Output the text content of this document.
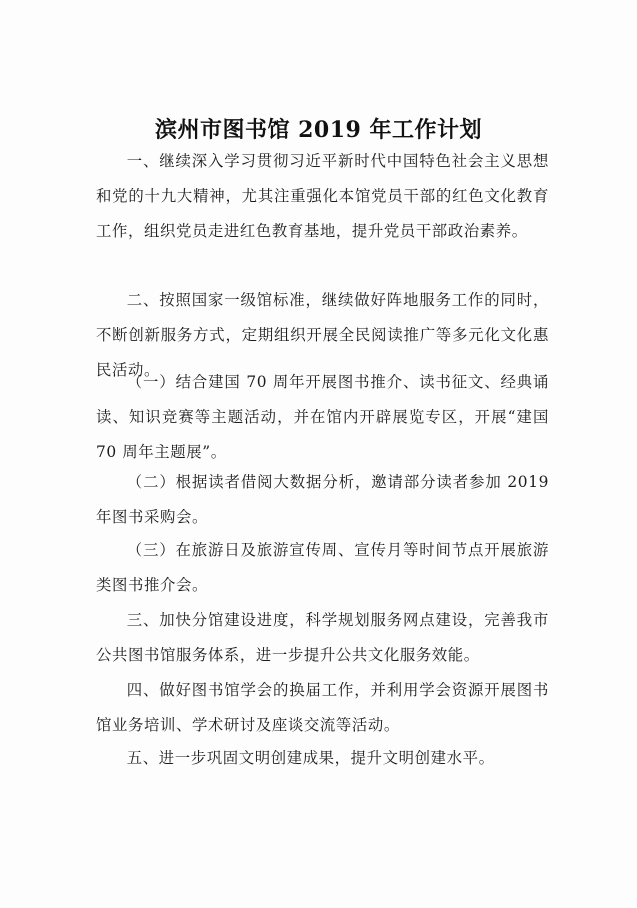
滨州市图书馆 2019 年工作计划

一、继续深入学习贯彻习近平新时代中国特色社会主义思想和党的十九大精神，尤其注重强化本馆党员干部的红色文化教育工作，组织党员走进红色教育基地，提升党员干部政治素养。

二、按照国家一级馆标准，继续做好阵地服务工作的同时，不断创新服务方式，定期组织开展全民阅读推广等多元化文化惠民活动。

（一）结合建国 70 周年开展图书推介、读书征文、经典诵读、知识竞赛等主题活动，并在馆内开辟展览专区，开展“建国 70 周年主题展”。

（二）根据读者借阅大数据分析，邀请部分读者参加 2019 年图书采购会。

（三）在旅游日及旅游宣传周、宣传月等时间节点开展旅游类图书推介会。

三、加快分馆建设进度，科学规划服务网点建设，完善我市公共图书馆服务体系，进一步提升公共文化服务效能。

四、做好图书馆学会的换届工作，并利用学会资源开展图书馆业务培训、学术研讨及座谈交流等活动。

五、进一步巩固文明创建成果，提升文明创建水平。
